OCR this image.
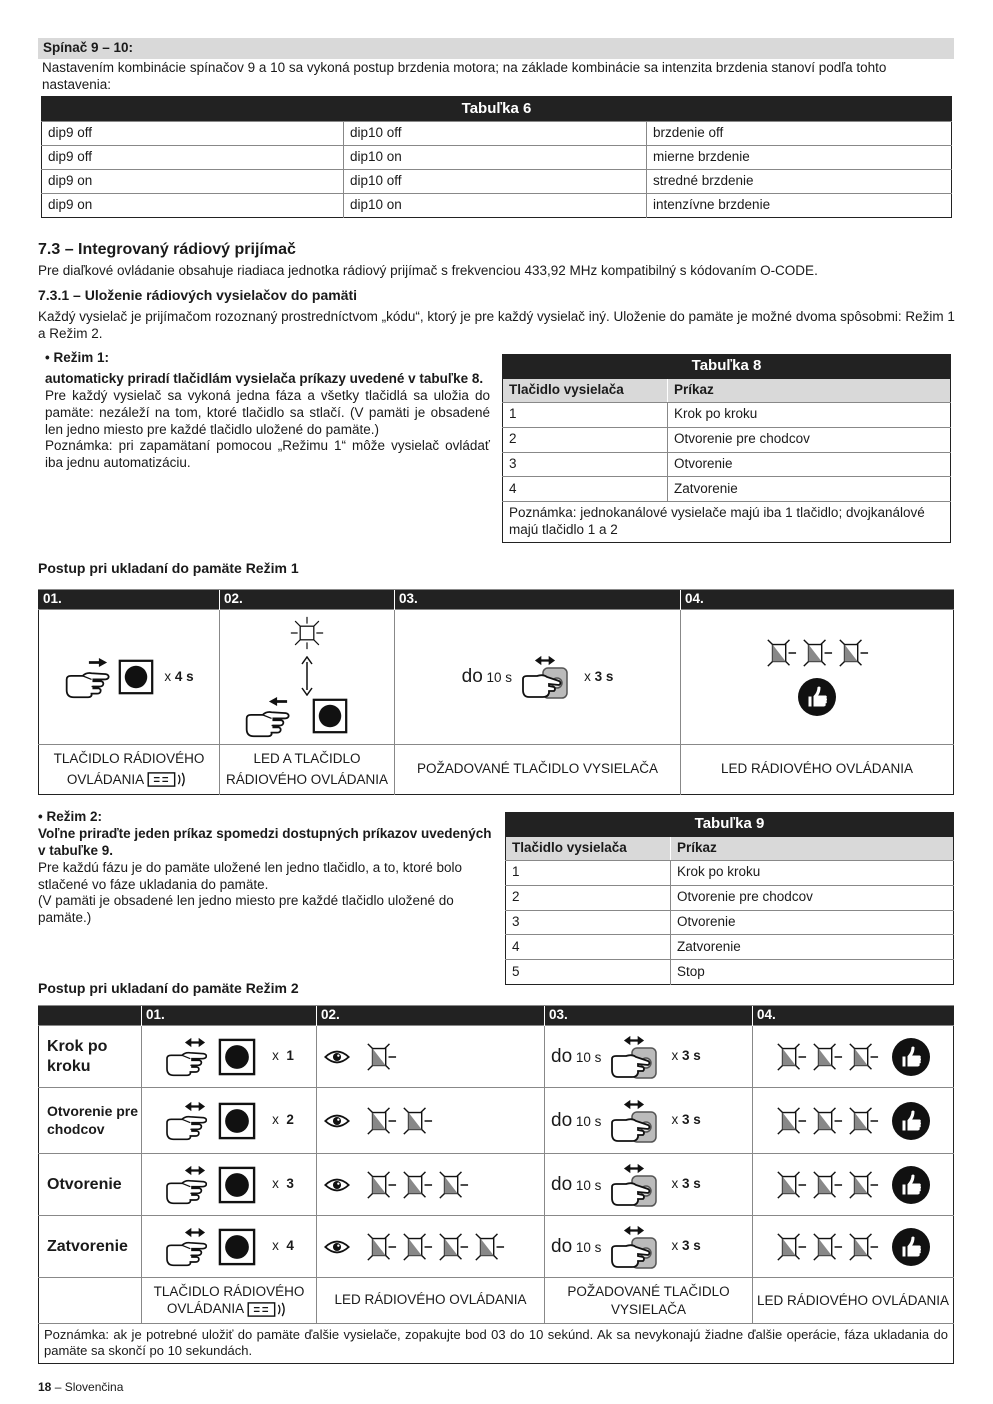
Spínač 9 – 10:
Nastavením kombinácie spínačov 9 a 10 sa vykoná postup brzdenia motora; na základe kombinácie sa intenzita brzdenia stanoví podľa tohto nastavenia:
Tabuľka 6		
dip9 off	dip10 off	brzdenie off
dip9 off	dip10 on	mierne brzdenie
dip9 on	dip10 off	stredné brzdenie
dip9 on	dip10 on	intenzívne brzdenie
7.3 – Integrovaný rádiový prijímač
Pre diaľkové ovládanie obsahuje riadiaca jednotka rádiový prijímač s frekvenciou 433,92 MHz kompatibilný s kódovaním O-CODE.
7.3.1 – Uloženie rádiových vysielačov do pamäti
Každý vysielač je prijímačom rozoznaný prostredníctvom „kódu“, ktorý je pre každý vysielač iný. Uloženie do pamäte je možné dvoma spôsobmi: Režim 1 a Režim 2.
• Režim 1:
automaticky priradí tlačidlám vysielača príkazy uvedené v tabuľke 8.
Pre každý vysielač sa vykoná jedna fáza a všetky tlačidlá sa uložia do pamäte: nezáleží na tom, ktoré tlačidlo sa stlačí. (V pamäti je obsadené len jedno miesto pre každé tlačidlo uložené do pamäte.)
Poznámka: pri zapamätaní pomocou „Režimu 1“ môže vysielač ovládať iba jednu automatizáciu.
Tabuľka 8	
Tlačidlo vysielača	Príkaz
1	Krok po kroku
2	Otvorenie pre chodcov
3	Otvorenie
4	Zatvorenie
Poznámka: jednokanálové vysielače majú iba 1 tlačidlo; dvojkanálové majú tlačidlo 1 a 2	
Postup pri ukladaní do pamäte Režim 1
01.	02.	03.	04.

x 4 s		do 10 s x 3 s

TLAČIDLO RÁDIOVÉHO OVLÁDANIA	LED A TLAČIDLO RÁDIOVÉHO OVLÁDANIA	POŽADOVANÉ TLAČIDLO VYSIELAČA	LED RÁDIOVÉHO OVLÁDANIA
• Režim 2:
Voľne priraďte jeden príkaz spomedzi dostupných príkazov uvedených v tabuľke 9.
Pre každú fázu je do pamäte uložené len jedno tlačidlo, a to, ktoré bolo stlačené vo fáze ukladania do pamäte.
(V pamäti je obsadené len jedno miesto pre každé tlačidlo uložené do pamäte.)
Tabuľka 9	
Tlačidlo vysielača	Príkaz
1	Krok po kroku
2	Otvorenie pre chodcov
3	Otvorenie
4	Zatvorenie
5	Stop
Postup pri ukladaní do pamäte Režim 2
	01.	02.	03.	04.
Krok po kroku	x 1		do 10 s x 3 s

Otvorenie pre chodcov	x 2		do 10 s x 3 s

Otvorenie	x 3		do 10 s x 3 s

Zatvorenie	x 4		do 10 s x 3 s

	TLAČIDLO RÁDIOVÉHO OVLÁDANIA	LED RÁDIOVÉHO OVLÁDANIA	POŽADOVANÉ TLAČIDLO VYSIELAČA	LED RÁDIOVÉHO OVLÁDANIA
Poznámka: ak je potrebné uložiť do pamäte ďalšie vysielače, zopakujte bod 03 do 10 sekúnd. Ak sa nevykonajú žiadne ďalšie operácie, fáza ukladania do pamäte sa skončí po 10 sekundách.				
18 – Slovenčina
